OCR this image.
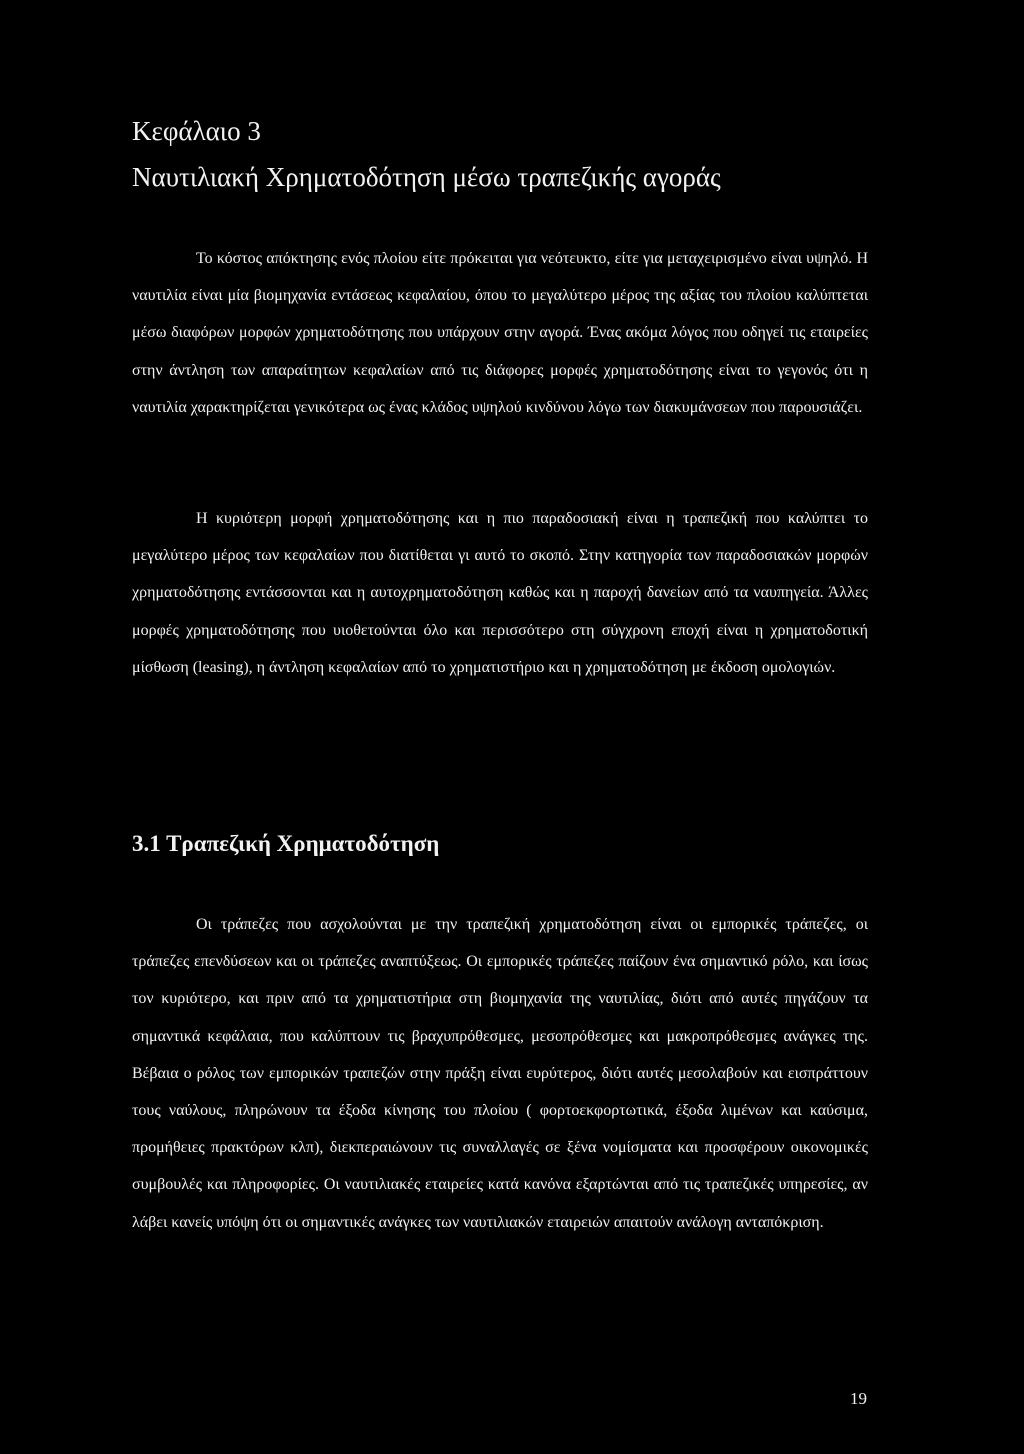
Κεφάλαιο 3
Ναυτιλιακή Χρηματοδότηση μέσω τραπεζικής αγοράς

Το κόστος απόκτησης ενός πλοίου είτε πρόκειται για νεότευκτο, είτε για μεταχειρισμένο είναι υψηλό. Η ναυτιλία είναι μία βιομηχανία εντάσεως κεφαλαίου, όπου το μεγαλύτερο μέρος της αξίας του πλοίου καλύπτεται μέσω διαφόρων μορφών χρηματοδότησης που υπάρχουν στην αγορά. Ένας ακόμα λόγος που οδηγεί τις εταιρείες στην άντληση των απαραίτητων κεφαλαίων από τις διάφορες μορφές χρηματοδότησης είναι το γεγονός ότι η ναυτιλία χαρακτηρίζεται γενικότερα ως ένας κλάδος υψηλού κινδύνου λόγω των διακυμάνσεων που παρουσιάζει.

Η κυριότερη μορφή χρηματοδότησης και η πιο παραδοσιακή είναι η τραπεζική που καλύπτει το μεγαλύτερο μέρος των κεφαλαίων που διατίθεται γι αυτό το σκοπό. Στην κατηγορία των παραδοσιακών μορφών χρηματοδότησης εντάσσονται και η αυτοχρηματοδότηση καθώς και η παροχή δανείων από τα ναυπηγεία. Άλλες μορφές χρηματοδότησης που υιοθετούνται όλο και περισσότερο στη σύγχρονη εποχή είναι η χρηματοδοτική μίσθωση (leasing), η άντληση κεφαλαίων από το χρηματιστήριο και η χρηματοδότηση με έκδοση ομολογιών.

3.1 Τραπεζική Χρηματοδότηση

Οι τράπεζες που ασχολούνται με την τραπεζική χρηματοδότηση είναι οι εμπορικές τράπεζες, οι τράπεζες επενδύσεων και οι τράπεζες αναπτύξεως. Οι εμπορικές τράπεζες παίζουν ένα σημαντικό ρόλο, και ίσως τον κυριότερο, και πριν από τα χρηματιστήρια στη βιομηχανία της ναυτιλίας, διότι από αυτές πηγάζουν τα σημαντικά κεφάλαια, που καλύπτουν τις βραχυπρόθεσμες, μεσοπρόθεσμες και μακροπρόθεσμες ανάγκες της. Βέβαια ο ρόλος των εμπορικών τραπεζών στην πράξη είναι ευρύτερος, διότι αυτές μεσολαβούν και εισπράττουν τους ναύλους, πληρώνουν τα έξοδα κίνησης του πλοίου ( φορτοεκφορτωτικά, έξοδα λιμένων και καύσιμα, προμήθειες πρακτόρων κλπ), διεκπεραιώνουν τις συναλλαγές σε ξένα νομίσματα και προσφέρουν οικονομικές συμβουλές και πληροφορίες. Οι ναυτιλιακές εταιρείες κατά κανόνα εξαρτώνται από τις τραπεζικές υπηρεσίες, αν λάβει κανείς υπόψη ότι οι σημαντικές ανάγκες των ναυτιλιακών εταιρειών απαιτούν ανάλογη ανταπόκριση.

19
